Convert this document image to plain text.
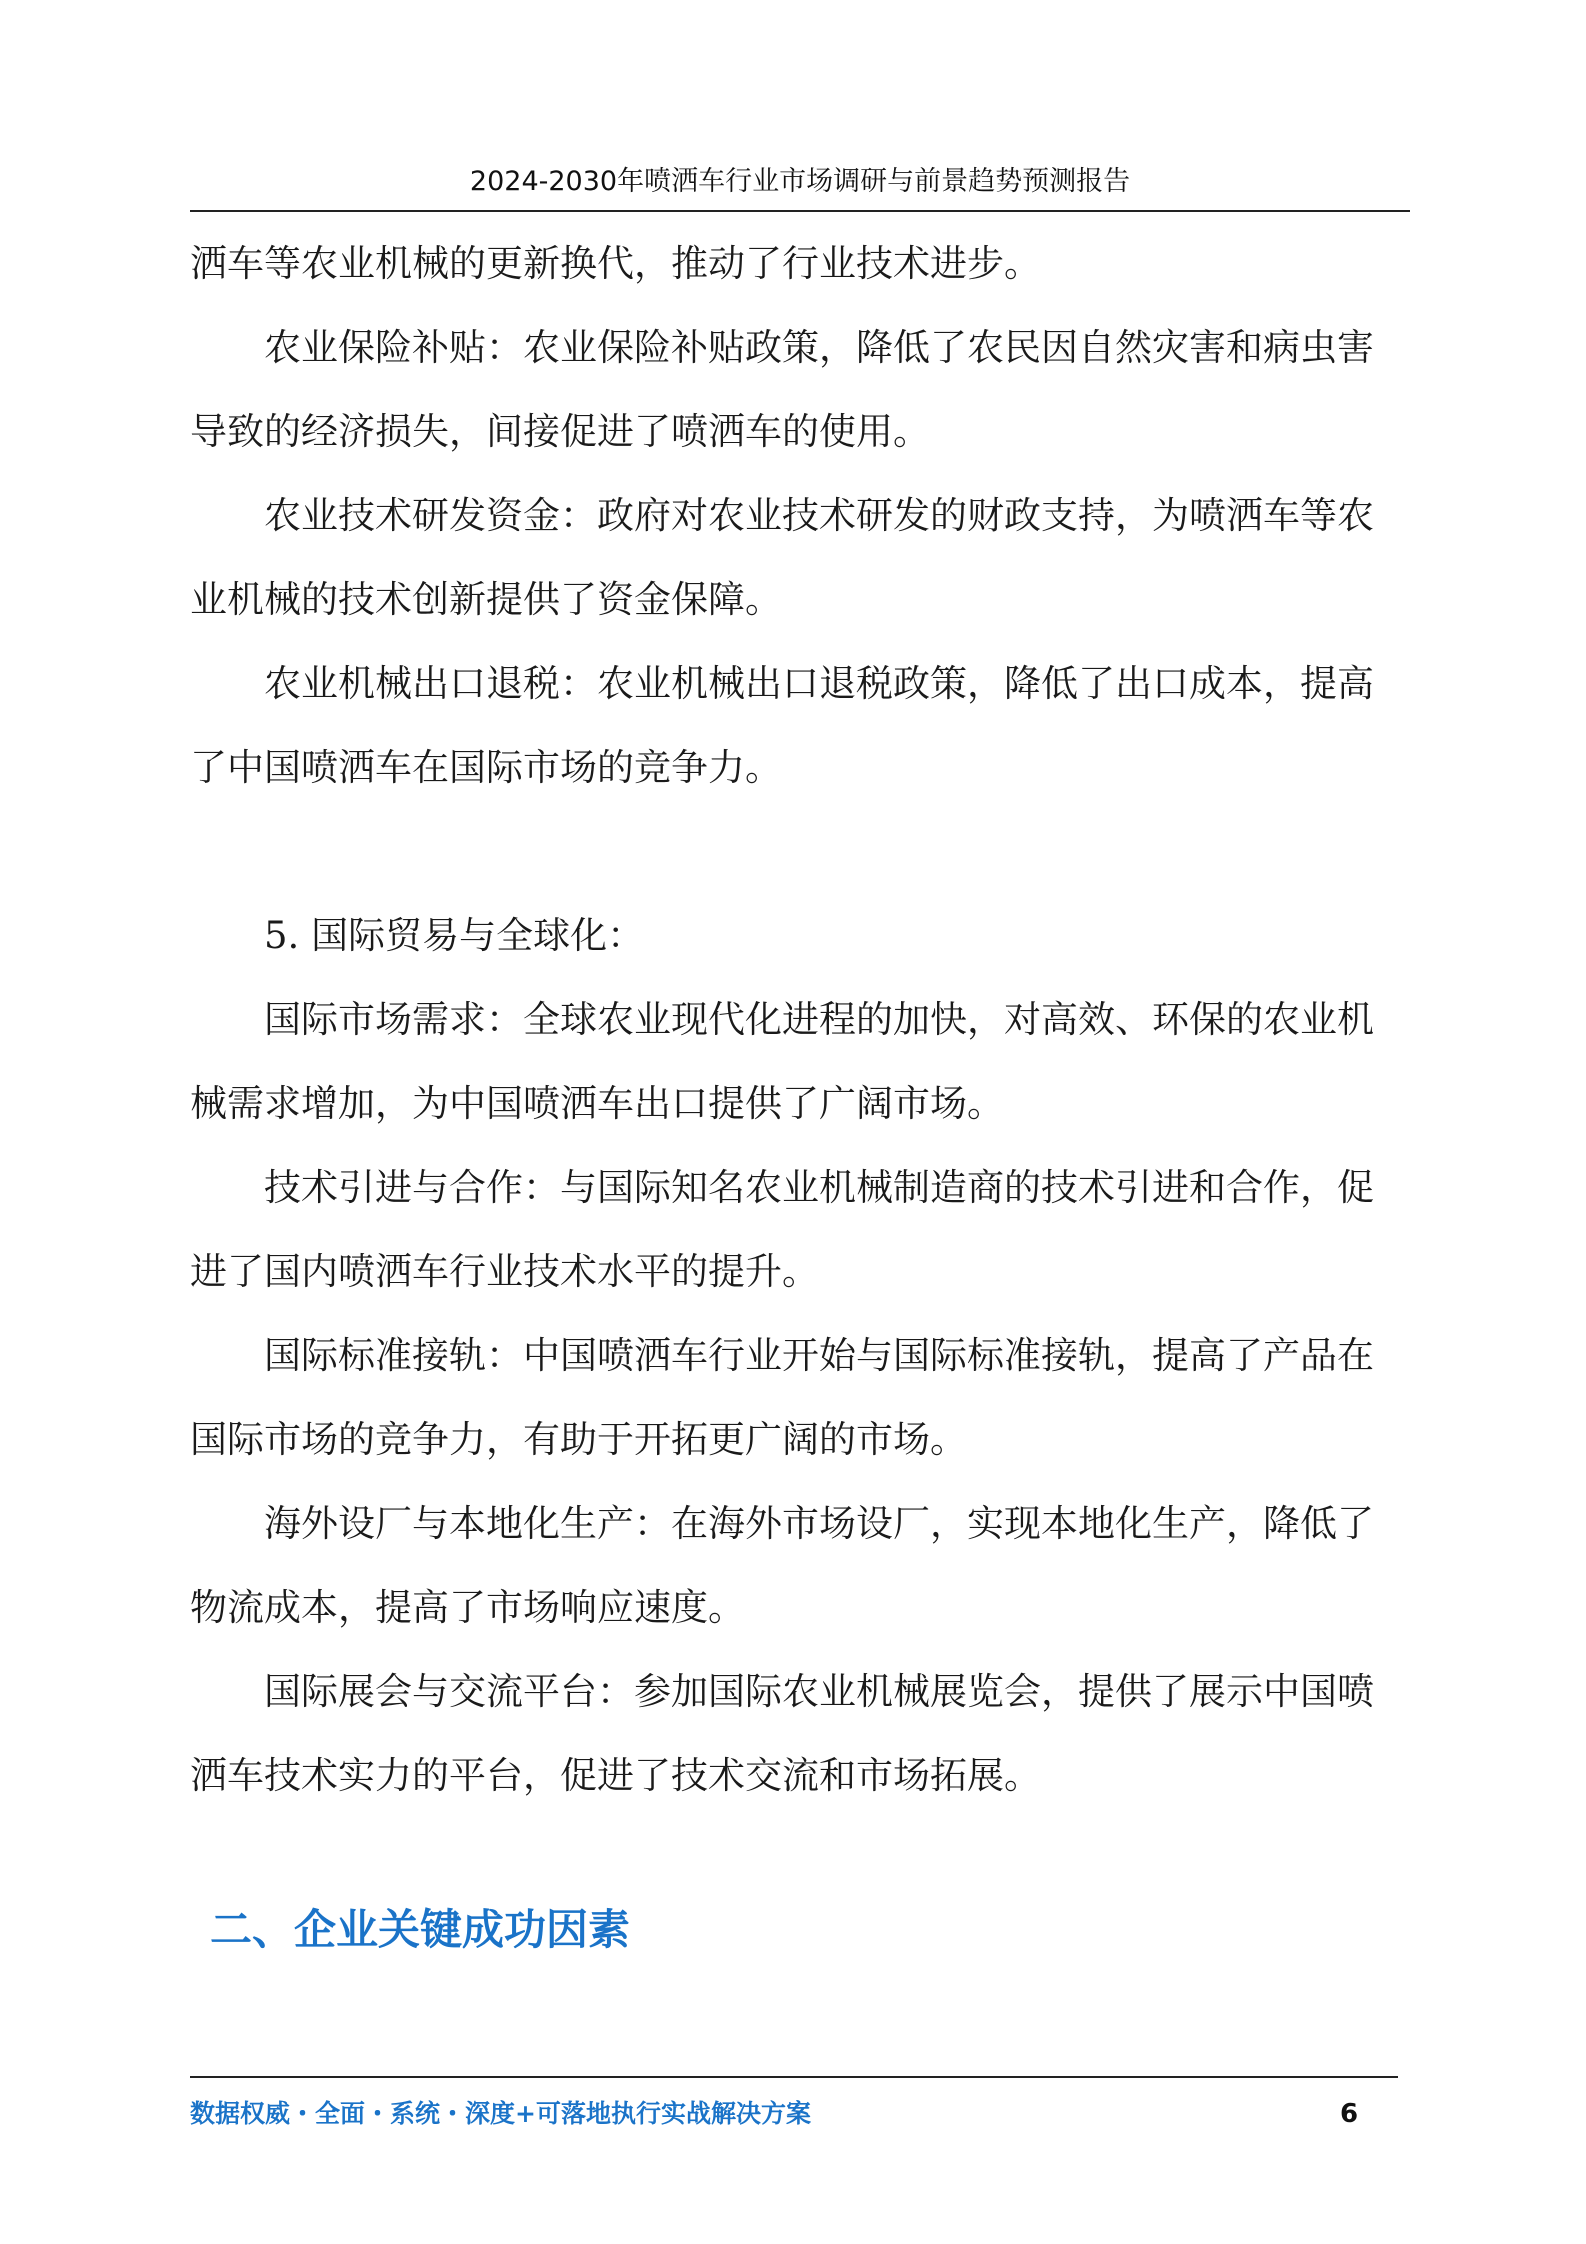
2024-2030年喷洒车行业市场调研与前景趋势预测报告

洒车等农业机械的更新换代，推动了行业技术进步。

农业保险补贴：农业保险补贴政策，降低了农民因自然灾害和病虫害导致的经济损失，间接促进了喷洒车的使用。

农业技术研发资金：政府对农业技术研发的财政支持，为喷洒车等农业机械的技术创新提供了资金保障。

农业机械出口退税：农业机械出口退税政策，降低了出口成本，提高了中国喷洒车在国际市场的竞争力。

5. 国际贸易与全球化：

国际市场需求：全球农业现代化进程的加快，对高效、环保的农业机械需求增加，为中国喷洒车出口提供了广阔市场。

技术引进与合作：与国际知名农业机械制造商的技术引进和合作，促进了国内喷洒车行业技术水平的提升。

国际标准接轨：中国喷洒车行业开始与国际标准接轨，提高了产品在国际市场的竞争力，有助于开拓更广阔的市场。

海外设厂与本地化生产：在海外市场设厂，实现本地化生产，降低了物流成本，提高了市场响应速度。

国际展会与交流平台：参加国际农业机械展览会，提供了展示中国喷洒车技术实力的平台，促进了技术交流和市场拓展。

二、企业关键成功因素
数据权威・全面・系统・深度+可落地执行实战解决方案	6
